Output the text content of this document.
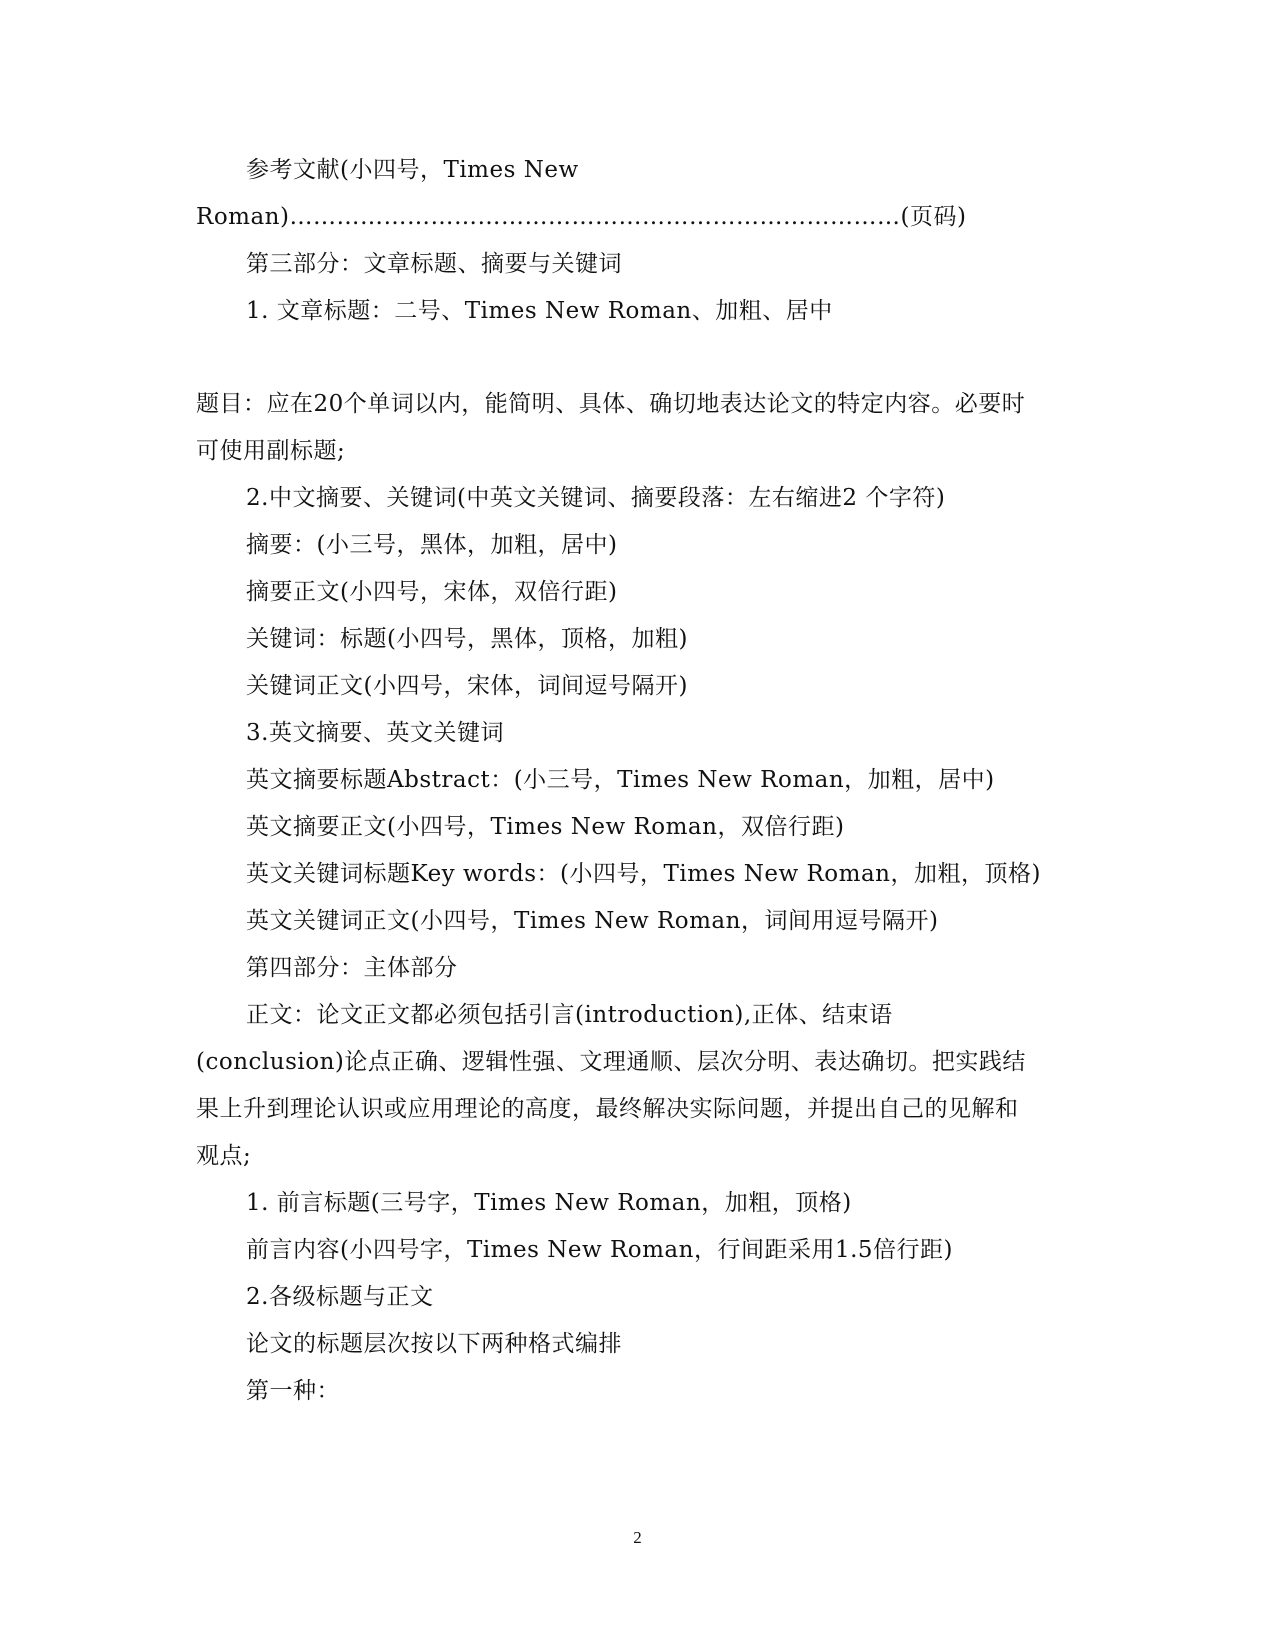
参考文献(小四号，Times New
Roman)……………………………………………………………………(页码)
第三部分：文章标题、摘要与关键词
1. 文章标题：二号、Times New Roman、加粗、居中
题目：应在20个单词以内，能简明、具体、确切地表达论文的特定内容。必要时
可使用副标题;
2.中文摘要、关键词(中英文关键词、摘要段落：左右缩进2 个字符)
摘要：(小三号，黑体，加粗，居中)
摘要正文(小四号，宋体，双倍行距)
关键词：标题(小四号，黑体，顶格，加粗)
关键词正文(小四号，宋体，词间逗号隔开)
3.英文摘要、英文关键词
英文摘要标题Abstract：(小三号，Times New Roman，加粗，居中)
英文摘要正文(小四号，Times New Roman，双倍行距)
英文关键词标题Key words：(小四号，Times New Roman，加粗，顶格)
英文关键词正文(小四号，Times New Roman，词间用逗号隔开)
第四部分：主体部分
正文：论文正文都必须包括引言(introduction),正体、结束语
(conclusion)论点正确、逻辑性强、文理通顺、层次分明、表达确切。把实践结
果上升到理论认识或应用理论的高度，最终解决实际问题，并提出自己的见解和
观点;
1. 前言标题(三号字，Times New Roman，加粗，顶格)
前言内容(小四号字，Times New Roman，行间距采用1.5倍行距)
2.各级标题与正文
论文的标题层次按以下两种格式编排
第一种：
2
